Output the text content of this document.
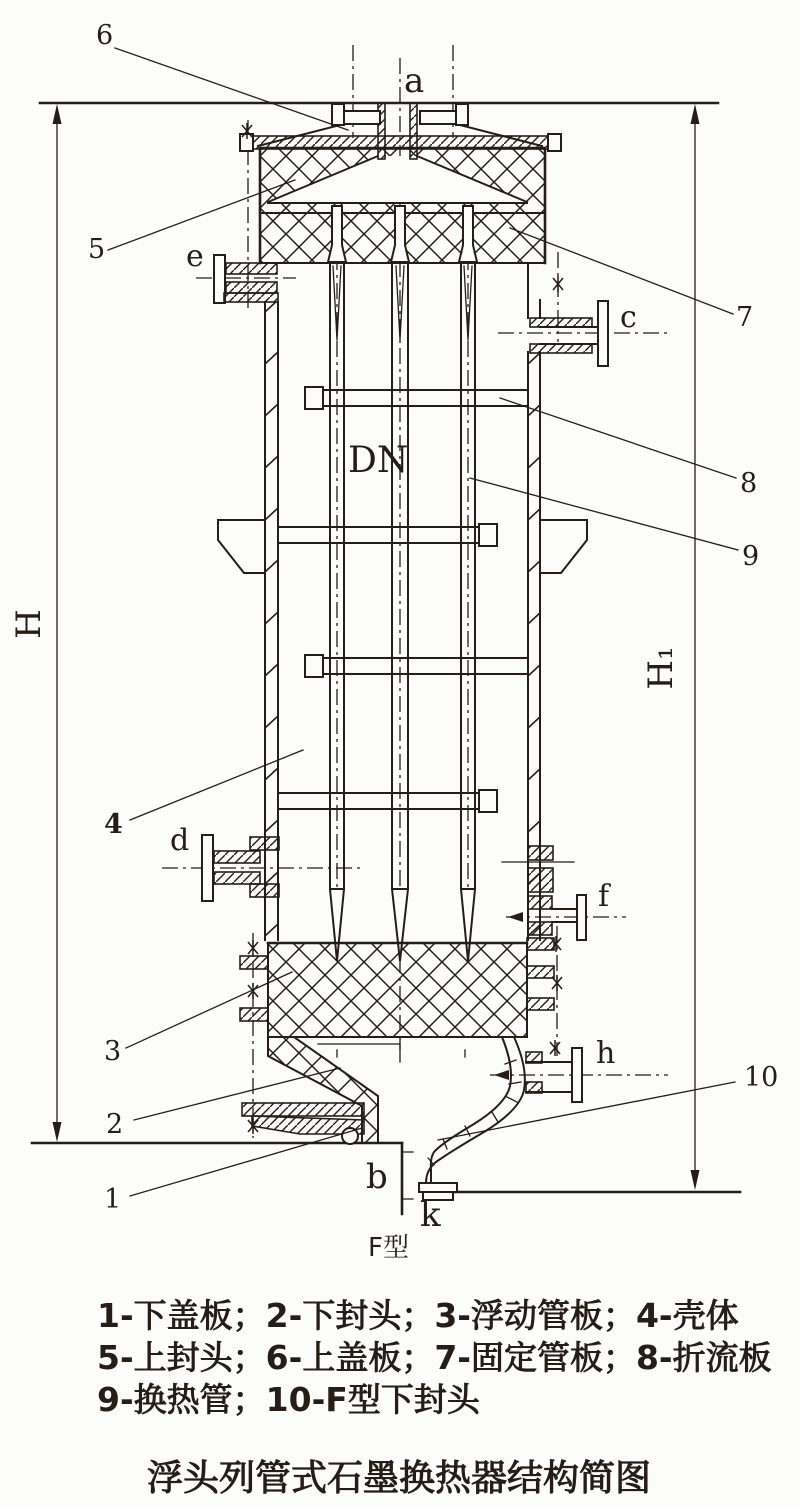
H
H₁
6
5
7
8
9
4
3
2
1
10
a
e
c
d
f
h
b
k
DN
F型
1-下盖板；2-下封头；3-浮动管板；4-壳体
5-上封头；6-上盖板；7-固定管板；8-折流板
9-换热管；10-F型下封头
浮头列管式石墨换热器结构简图
